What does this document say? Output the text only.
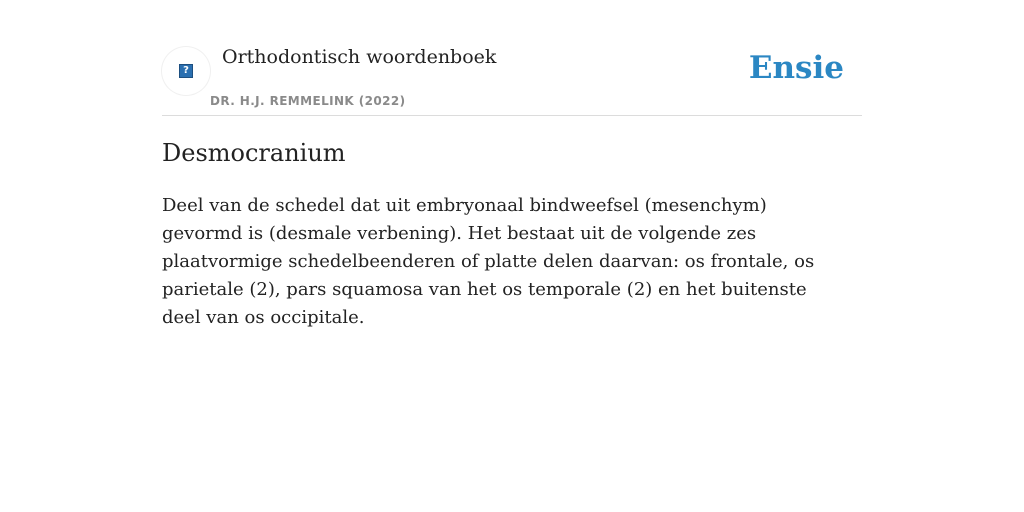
?
Orthodontisch woordenboek
DR. H.J. REMMELINK (2022)
Ensie
Desmocranium

Deel van de schedel dat uit embryonaal bindweefsel (mesenchym) gevormd is (desmale verbening). Het bestaat uit de volgende zes plaatvormige schedelbeenderen of platte delen daarvan: os frontale, os parietale (2), pars squamosa van het os temporale (2) en het buitenste deel van os occipitale.
